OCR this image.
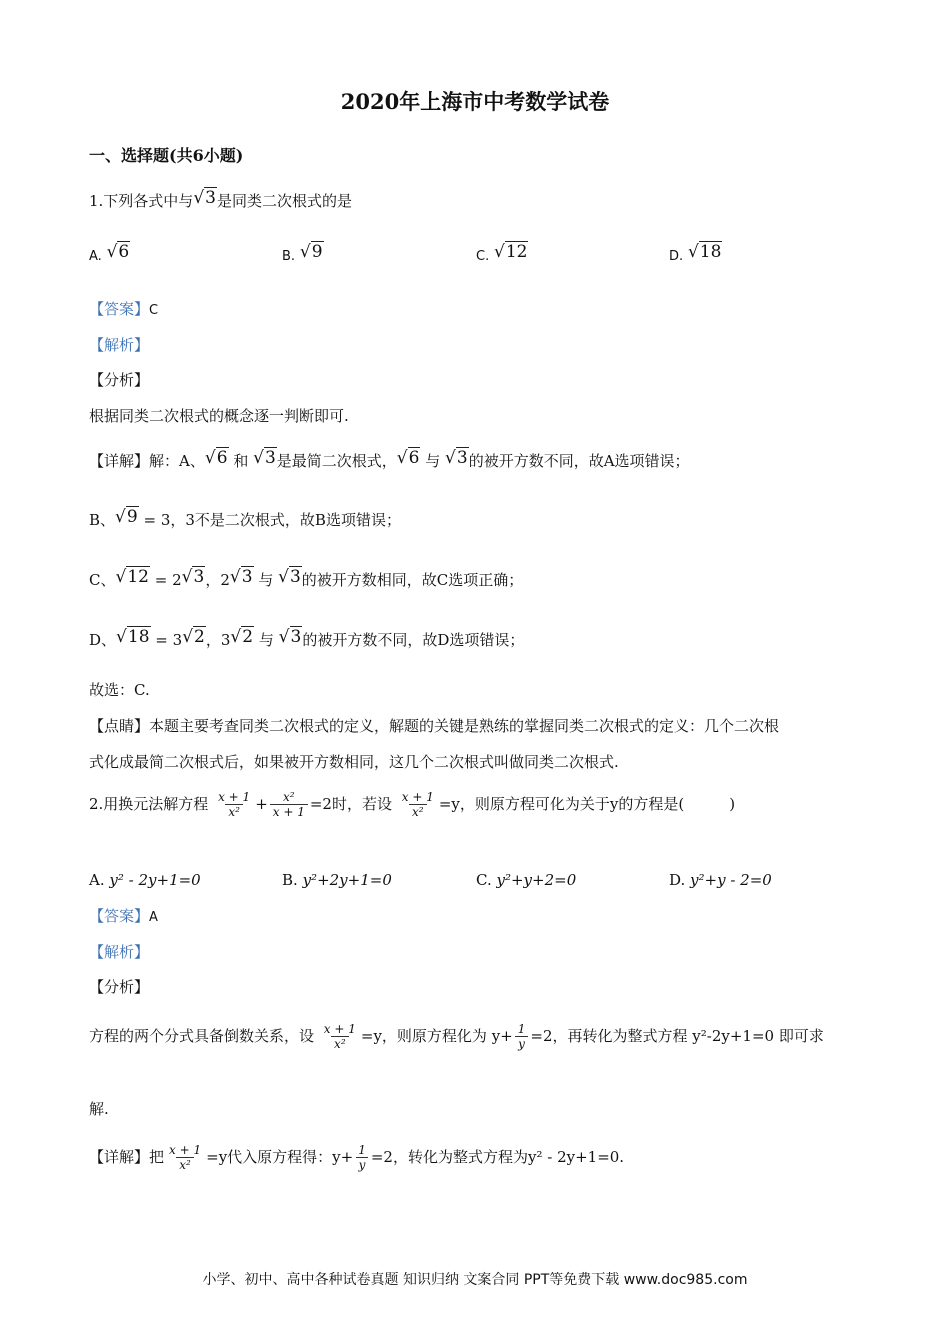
2020年上海市中考数学试卷
一、选择题(共6小题)
1.下列各式中与√3是同类二次根式的是
A. √6	B. √9	C. √12	D. √18
【答案】C
【解析】
【分析】
根据同类二次根式的概念逐一判断即可.
【详解】解：A、√6 和 √3是最简二次根式，√6 与 √3的被开方数不同，故A选项错误；
B、√9 = 3，3不是二次根式，故B选项错误；
C、√12 = 2√3，2√3 与 √3的被开方数相同，故C选项正确；
D、√18 = 3√2，3√2 与 √3的被开方数不同，故D选项错误；
故选：C.
【点睛】本题主要考查同类二次根式的定义，解题的关键是熟练的掌握同类二次根式的定义：几个二次根
式化成最简二次根式后，如果被开方数相同，这几个二次根式叫做同类二次根式.
2.用换元法解方程 $\frac{x + 1}{\text{x²}} + \frac{\text{x²}}{x + 1} =2$时，若设 $\frac{x + 1}{\text{x²}} =y$，则原方程可化为关于y的方程是(　　　)
A. y² - 2y+1=0	B. y²+2y+1=0	C. y²+y+2=0	D. y²+y - 2=0
【答案】A
【解析】
【分析】
方程的两个分式具备倒数关系，设 $\frac{x + 1}{\text{x²}} =y$，则原方程化为 $y+ \frac{1}{y} =2$，再转化为整式方程 y²-2y+1=0 即可求
解.
【详解】把 $\frac{x + 1}{\text{x²}} =y$代入原方程得：$y+ \frac{1}{y} =2$，转化为整式方程为y² - 2y+1=0.
小学、初中、高中各种试卷真题 知识归纳 文案合同 PPT等免费下载 www.doc985.com
